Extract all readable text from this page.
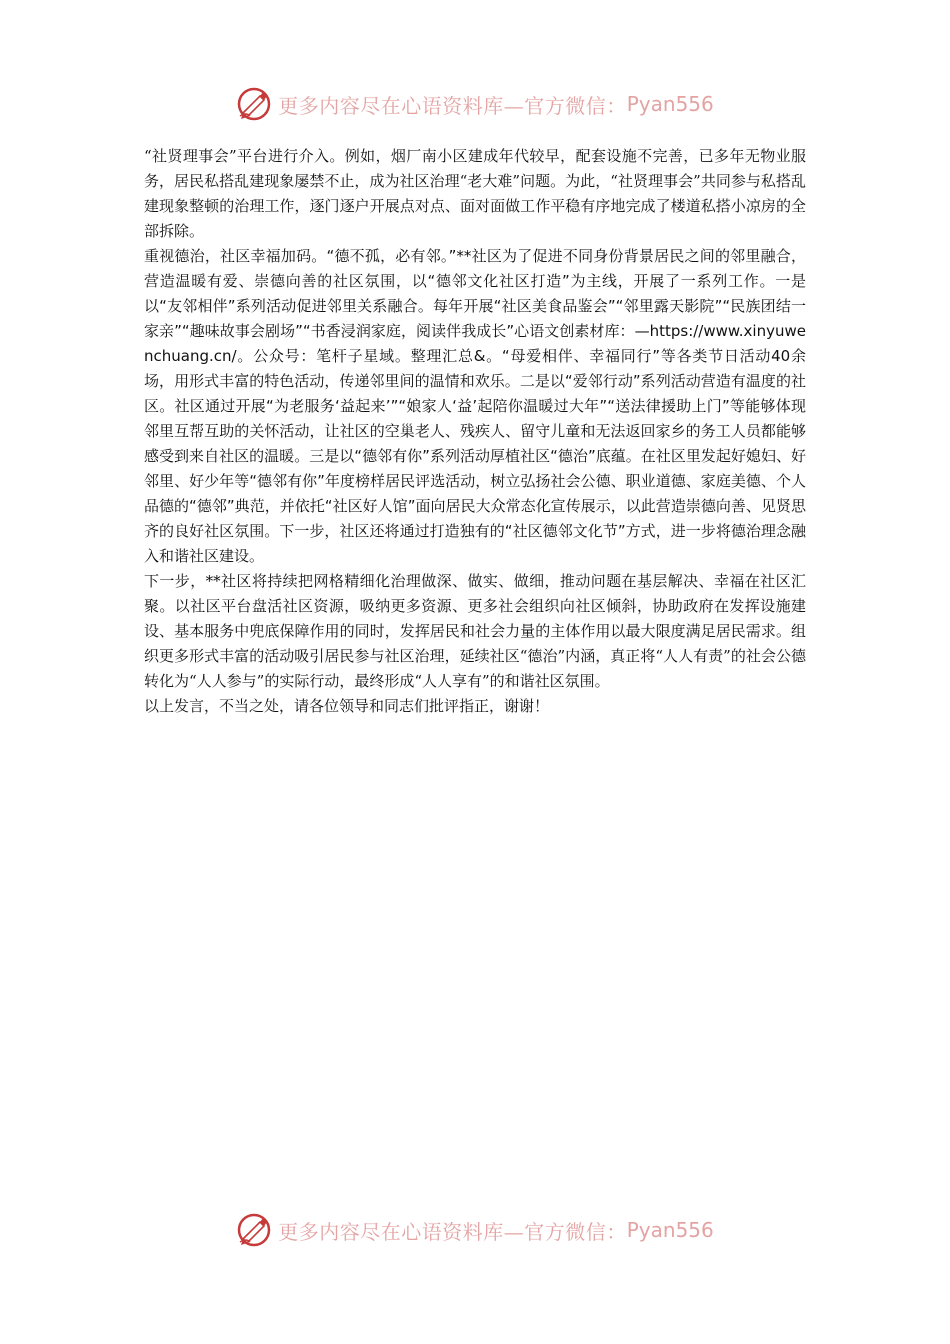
更多内容尽在心语资料库—官方微信： Pyan556

“社贤理事会”平台进行介入。例如，烟厂南小区建成年代较早，配套设施不完善，已多年无物业服务，居民私搭乱建现象屡禁不止，成为社区治理“老大难”问题。为此，“社贤理事会”共同参与私搭乱建现象整顿的治理工作，逐门逐户开展点对点、面对面做工作平稳有序地完成了楼道私搭小凉房的全部拆除。

重视德治，社区幸福加码。“德不孤，必有邻。”**社区为了促进不同身份背景居民之间的邻里融合，营造温暖有爱、崇德向善的社区氛围，以“德邻文化社区打造”为主线，开展了一系列工作。一是以“友邻相伴”系列活动促进邻里关系融合。每年开展“社区美食品鉴会”“邻里露天影院”“民族团结一家亲”“趣味故事会剧场”“书香浸润家庭，阅读伴我成长”心语文创素材库：—https://www.xinyuwenchuang.cn/。公众号：笔杆子星域。整理汇总&。“母爱相伴、幸福同行”等各类节日活动40余场，用形式丰富的特色活动，传递邻里间的温情和欢乐。二是以“爱邻行动”系列活动营造有温度的社区。社区通过开展“为老服务‘益起来’”“娘家人‘益’起陪你温暖过大年”“送法律援助上门”等能够体现邻里互帮互助的关怀活动，让社区的空巢老人、残疾人、留守儿童和无法返回家乡的务工人员都能够感受到来自社区的温暖。三是以“德邻有你”系列活动厚植社区“德治”底蕴。在社区里发起好媳妇、好邻里、好少年等“德邻有你”年度榜样居民评选活动，树立弘扬社会公德、职业道德、家庭美德、个人品德的“德邻”典范，并依托“社区好人馆”面向居民大众常态化宣传展示，以此营造崇德向善、见贤思齐的良好社区氛围。下一步，社区还将通过打造独有的“社区德邻文化节”方式，进一步将德治理念融入和谐社区建设。

下一步，**社区将持续把网格精细化治理做深、做实、做细，推动问题在基层解决、幸福在社区汇聚。以社区平台盘活社区资源，吸纳更多资源、更多社会组织向社区倾斜，协助政府在发挥设施建设、基本服务中兜底保障作用的同时，发挥居民和社会力量的主体作用以最大限度满足居民需求。组织更多形式丰富的活动吸引居民参与社区治理，延续社区“德治”内涵，真正将“人人有责”的社会公德转化为“人人参与”的实际行动，最终形成“人人享有”的和谐社区氛围。

以上发言，不当之处，请各位领导和同志们批评指正，谢谢！

更多内容尽在心语资料库—官方微信： Pyan556
